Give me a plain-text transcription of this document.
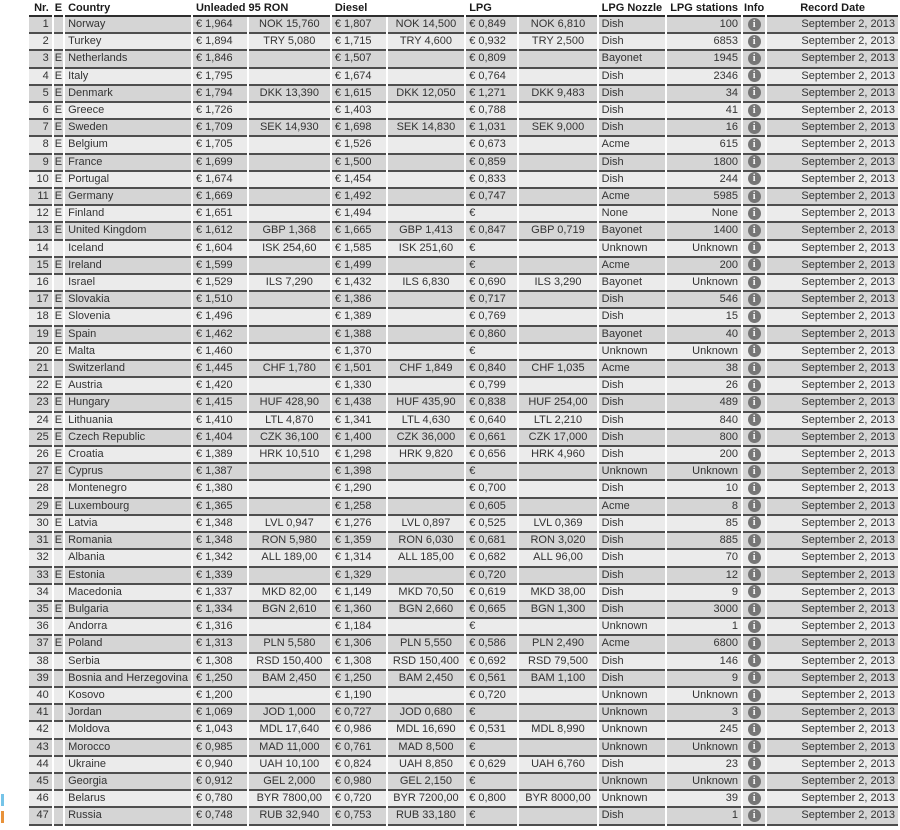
Nr.	E	Country	Unleaded 95 RON		Diesel		LPG		LPG Nozzle	LPG stations	Info	Record Date
1		Norway	€ 1,964	NOK 15,760	€ 1,807	NOK 14,500	€ 0,849	NOK 6,810	Dish	100	i	September 2, 2013
2		Turkey	€ 1,894	TRY 5,080	€ 1,715	TRY 4,600	€ 0,932	TRY 2,500	Dish	6853	i	September 2, 2013
3	E	Netherlands	€ 1,846		€ 1,507		€ 0,809		Bayonet	1945	i	September 2, 2013
4	E	Italy	€ 1,795		€ 1,674		€ 0,764		Dish	2346	i	September 2, 2013
5	E	Denmark	€ 1,794	DKK 13,390	€ 1,615	DKK 12,050	€ 1,271	DKK 9,483	Dish	34	i	September 2, 2013
6	E	Greece	€ 1,726		€ 1,403		€ 0,788		Dish	41	i	September 2, 2013
7	E	Sweden	€ 1,709	SEK 14,930	€ 1,698	SEK 14,830	€ 1,031	SEK 9,000	Dish	16	i	September 2, 2013
8	E	Belgium	€ 1,705		€ 1,526		€ 0,673		Acme	615	i	September 2, 2013
9	E	France	€ 1,699		€ 1,500		€ 0,859		Dish	1800	i	September 2, 2013
10	E	Portugal	€ 1,674		€ 1,454		€ 0,833		Dish	244	i	September 2, 2013
11	E	Germany	€ 1,669		€ 1,492		€ 0,747		Acme	5985	i	September 2, 2013
12	E	Finland	€ 1,651		€ 1,494		€		None	None	i	September 2, 2013
13	E	United Kingdom	€ 1,612	GBP 1,368	€ 1,665	GBP 1,413	€ 0,847	GBP 0,719	Bayonet	1400	i	September 2, 2013
14		Iceland	€ 1,604	ISK 254,60	€ 1,585	ISK 251,60	€		Unknown	Unknown	i	September 2, 2013
15	E	Ireland	€ 1,599		€ 1,499		€		Acme	200	i	September 2, 2013
16		Israel	€ 1,529	ILS 7,290	€ 1,432	ILS 6,830	€ 0,690	ILS 3,290	Bayonet	Unknown	i	September 2, 2013
17	E	Slovakia	€ 1,510		€ 1,386		€ 0,717		Dish	546	i	September 2, 2013
18	E	Slovenia	€ 1,496		€ 1,389		€ 0,769		Dish	15	i	September 2, 2013
19	E	Spain	€ 1,462		€ 1,388		€ 0,860		Bayonet	40	i	September 2, 2013
20	E	Malta	€ 1,460		€ 1,370		€		Unknown	Unknown	i	September 2, 2013
21		Switzerland	€ 1,445	CHF 1,780	€ 1,501	CHF 1,849	€ 0,840	CHF 1,035	Acme	38	i	September 2, 2013
22	E	Austria	€ 1,420		€ 1,330		€ 0,799		Dish	26	i	September 2, 2013
23	E	Hungary	€ 1,415	HUF 428,90	€ 1,438	HUF 435,90	€ 0,838	HUF 254,00	Dish	489	i	September 2, 2013
24	E	Lithuania	€ 1,410	LTL 4,870	€ 1,341	LTL 4,630	€ 0,640	LTL 2,210	Dish	840	i	September 2, 2013
25	E	Czech Republic	€ 1,404	CZK 36,100	€ 1,400	CZK 36,000	€ 0,661	CZK 17,000	Dish	800	i	September 2, 2013
26	E	Croatia	€ 1,389	HRK 10,510	€ 1,298	HRK 9,820	€ 0,656	HRK 4,960	Dish	200	i	September 2, 2013
27	E	Cyprus	€ 1,387		€ 1,398		€		Unknown	Unknown	i	September 2, 2013
28		Montenegro	€ 1,380		€ 1,290		€ 0,700		Dish	10	i	September 2, 2013
29	E	Luxembourg	€ 1,365		€ 1,258		€ 0,605		Acme	8	i	September 2, 2013
30	E	Latvia	€ 1,348	LVL 0,947	€ 1,276	LVL 0,897	€ 0,525	LVL 0,369	Dish	85	i	September 2, 2013
31	E	Romania	€ 1,348	RON 5,980	€ 1,359	RON 6,030	€ 0,681	RON 3,020	Dish	885	i	September 2, 2013
32		Albania	€ 1,342	ALL 189,00	€ 1,314	ALL 185,00	€ 0,682	ALL 96,00	Dish	70	i	September 2, 2013
33	E	Estonia	€ 1,339		€ 1,329		€ 0,720		Dish	12	i	September 2, 2013
34		Macedonia	€ 1,337	MKD 82,00	€ 1,149	MKD 70,50	€ 0,619	MKD 38,00	Dish	9	i	September 2, 2013
35	E	Bulgaria	€ 1,334	BGN 2,610	€ 1,360	BGN 2,660	€ 0,665	BGN 1,300	Dish	3000	i	September 2, 2013
36		Andorra	€ 1,316		€ 1,184		€		Unknown	1	i	September 2, 2013
37	E	Poland	€ 1,313	PLN 5,580	€ 1,306	PLN 5,550	€ 0,586	PLN 2,490	Acme	6800	i	September 2, 2013
38		Serbia	€ 1,308	RSD 150,400	€ 1,308	RSD 150,400	€ 0,692	RSD 79,500	Dish	146	i	September 2, 2013
39		Bosnia and Herzegovina	€ 1,250	BAM 2,450	€ 1,250	BAM 2,450	€ 0,561	BAM 1,100	Dish	9	i	September 2, 2013
40		Kosovo	€ 1,200		€ 1,190		€ 0,720		Unknown	Unknown	i	September 2, 2013
41		Jordan	€ 1,069	JOD 1,000	€ 0,727	JOD 0,680	€		Unknown	3	i	September 2, 2013
42		Moldova	€ 1,043	MDL 17,640	€ 0,986	MDL 16,690	€ 0,531	MDL 8,990	Unknown	245	i	September 2, 2013
43		Morocco	€ 0,985	MAD 11,000	€ 0,761	MAD 8,500	€		Unknown	Unknown	i	September 2, 2013
44		Ukraine	€ 0,940	UAH 10,100	€ 0,824	UAH 8,850	€ 0,629	UAH 6,760	Dish	23	i	September 2, 2013
45		Georgia	€ 0,912	GEL 2,000	€ 0,980	GEL 2,150	€		Unknown	Unknown	i	September 2, 2013
46		Belarus	€ 0,780	BYR 7800,00	€ 0,720	BYR 7200,00	€ 0,800	BYR 8000,00	Unknown	39	i	September 2, 2013
47		Russia	€ 0,748	RUB 32,940	€ 0,753	RUB 33,180	€		Dish	1	i	September 2, 2013
